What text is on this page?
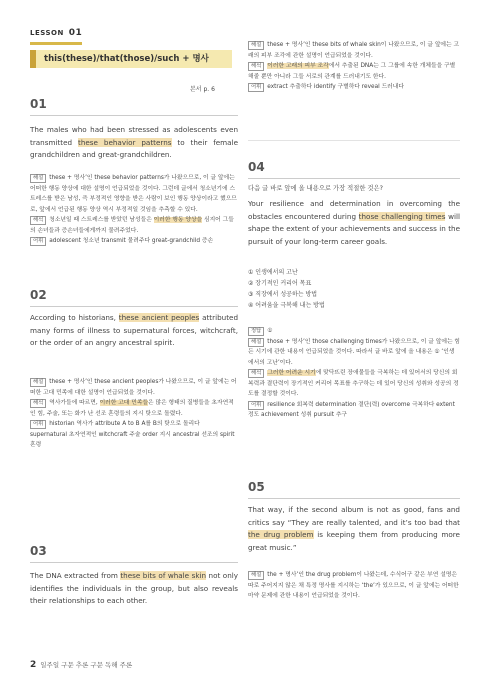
LESSON 01
this(these)/that(those)/such + 명사
본서 p. 6
01
The males who had been stressed as adolescents even transmitted these behavior patterns to their female grandchildren and great-grandchildren.
해설 these + 명사’인 these behavior patterns가 나왔으므로, 이 글 앞에는 어떠한 행동 양상에 대한 설명이 언급되었을 것이다. 그런데 글에서 청소년기에 스트레스를 받은 남성, 즉 부정적인 영향을 받은 사람이 보인 행동 양상이라고 했으므로, 앞에서 언급된 행동 양상 역시 부정적일 것임을 추측할 수 있다.
해석 청소년일 때 스트레스를 받았던 남성들은 이러한 행동 양상을 심지어 그들의 손녀들과 증손녀들에게까지 물려주었다.
어휘 adolescent 청소년 transmit 물려주다 great-grandchild 증손
02
According to historians, these ancient peoples attributed many forms of illness to supernatural forces, witchcraft, or the order of an angry ancestral spirit.
해설 these + 명사’인 these ancient peoples가 나왔으므로, 이 글 앞에는 어떠한 고대 민족에 대한 설명이 언급되었을 것이다.
해석 역사가들에 따르면, 이러한 고대 민족들은 많은 형태의 질병들을 초자연적인 힘, 주술, 또는 화가 난 선조 혼령들의 지시 탓으로 돌렸다.
어휘 historian 역사가 attribute A to B A를 B의 탓으로 돌리다 supernatural 초자연적인 witchcraft 주술 order 지시 ancestral 선조의 spirit 혼령
03
The DNA extracted from these bits of whale skin not only identifies the individuals in the group, but also reveals their relationships to each other.
2 일주일 구문 추론 구문 독해 주론
해설 these + 명사’인 these bits of whale skin이 나왔으므로, 이 글 앞에는 고래의 피부 조각에 관한 설명이 언급되었을 것이다.
해석 이러한 고래의 피부 조각에서 추출된 DNA는 그 그룹에 속한 개체들을 구별해줄 뿐만 아니라 그들 서로의 관계를 드러내기도 한다.
어휘 extract 추출하다 identify 구별하다 reveal 드러내다
04
다음 글 바로 앞에 올 내용으로 가장 적절한 것은?
Your resilience and determination in overcoming the obstacles encountered during those challenging times will shape the extent of your achievements and success in the pursuit of your long-term career goals.
① 인생에서의 고난
② 장기적인 커리어 목표
③ 직장에서 성공하는 방법
④ 어려움을 극복해 내는 방법
정답 ①
해설 those + 명사’인 those challenging times가 나왔으므로, 이 글 앞에는 힘든 시기에 관한 내용이 언급되었을 것이다. 따라서 글 바로 앞에 올 내용은 ① ‘인생에서의 고난’이다.
해석 그러한 어려운 시기에 맞닥뜨린 장애물들을 극복하는 데 있어서의 당신의 회복력과 결단력이 장기적인 커리어 목표를 추구하는 데 있어 당신의 성취와 성공의 정도를 결정할 것이다.
어휘 resilience 회복력 determination 결단(력) overcome 극복하다 extent 정도 achievement 성취 pursuit 추구
05
That way, if the second album is not as good, fans and critics say “They are really talented, and it’s too bad that the drug problem is keeping them from producing more great music.”
해설 the + 명사’인 the drug problem이 나왔는데, 수식어구 같은 부연 설명은 따로 주어지지 않은 채 특정 명사를 지시하는 ‘the’가 있으므로, 이 글 앞에는 어떠한 마약 문제에 관한 내용이 언급되었을 것이다.
